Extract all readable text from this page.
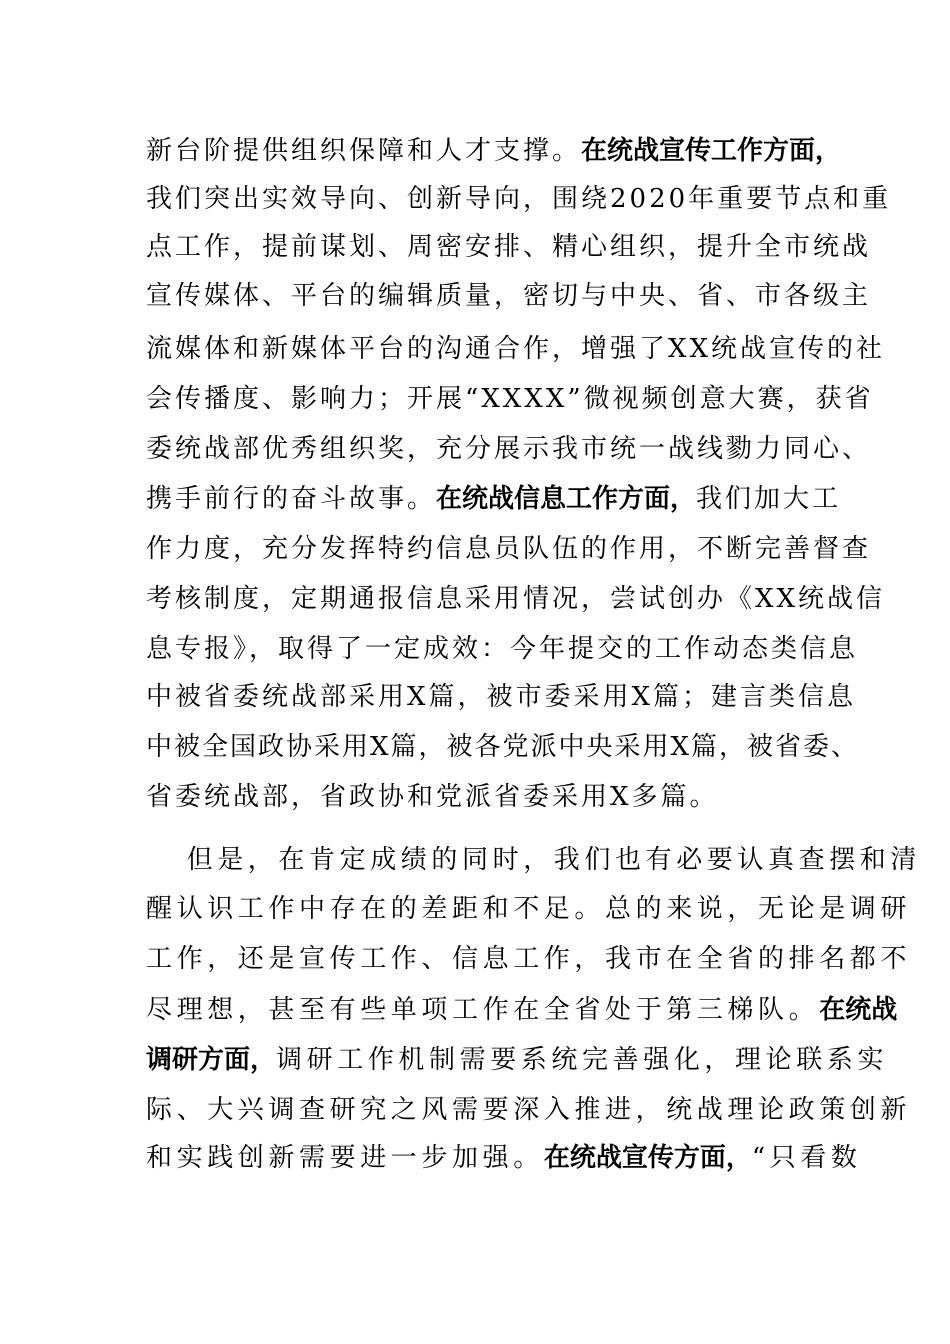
新台阶提供组织保障和人才支撑。在统战宣传工作方面，
我们突出实效导向、创新导向，围绕2020年重要节点和重
点工作，提前谋划、周密安排、精心组织，提升全市统战
宣传媒体、平台的编辑质量，密切与中央、省、市各级主
流媒体和新媒体平台的沟通合作，增强了XX统战宣传的社
会传播度、影响力；开展“XXXX”微视频创意大赛，获省
委统战部优秀组织奖，充分展示我市统一战线勠力同心、
携手前行的奋斗故事。在统战信息工作方面，我们加大工
作力度，充分发挥特约信息员队伍的作用，不断完善督查
考核制度，定期通报信息采用情况，尝试创办《XX统战信
息专报》，取得了一定成效：今年提交的工作动态类信息
中被省委统战部采用X篇，被市委采用X篇；建言类信息
中被全国政协采用X篇，被各党派中央采用X篇，被省委、
省委统战部，省政协和党派省委采用X多篇。
　但是，在肯定成绩的同时，我们也有必要认真查摆和清
醒认识工作中存在的差距和不足。总的来说，无论是调研
工作，还是宣传工作、信息工作，我市在全省的排名都不
尽理想，甚至有些单项工作在全省处于第三梯队。在统战
调研方面，调研工作机制需要系统完善强化，理论联系实
际、大兴调查研究之风需要深入推进，统战理论政策创新
和实践创新需要进一步加强。在统战宣传方面，“只看数
